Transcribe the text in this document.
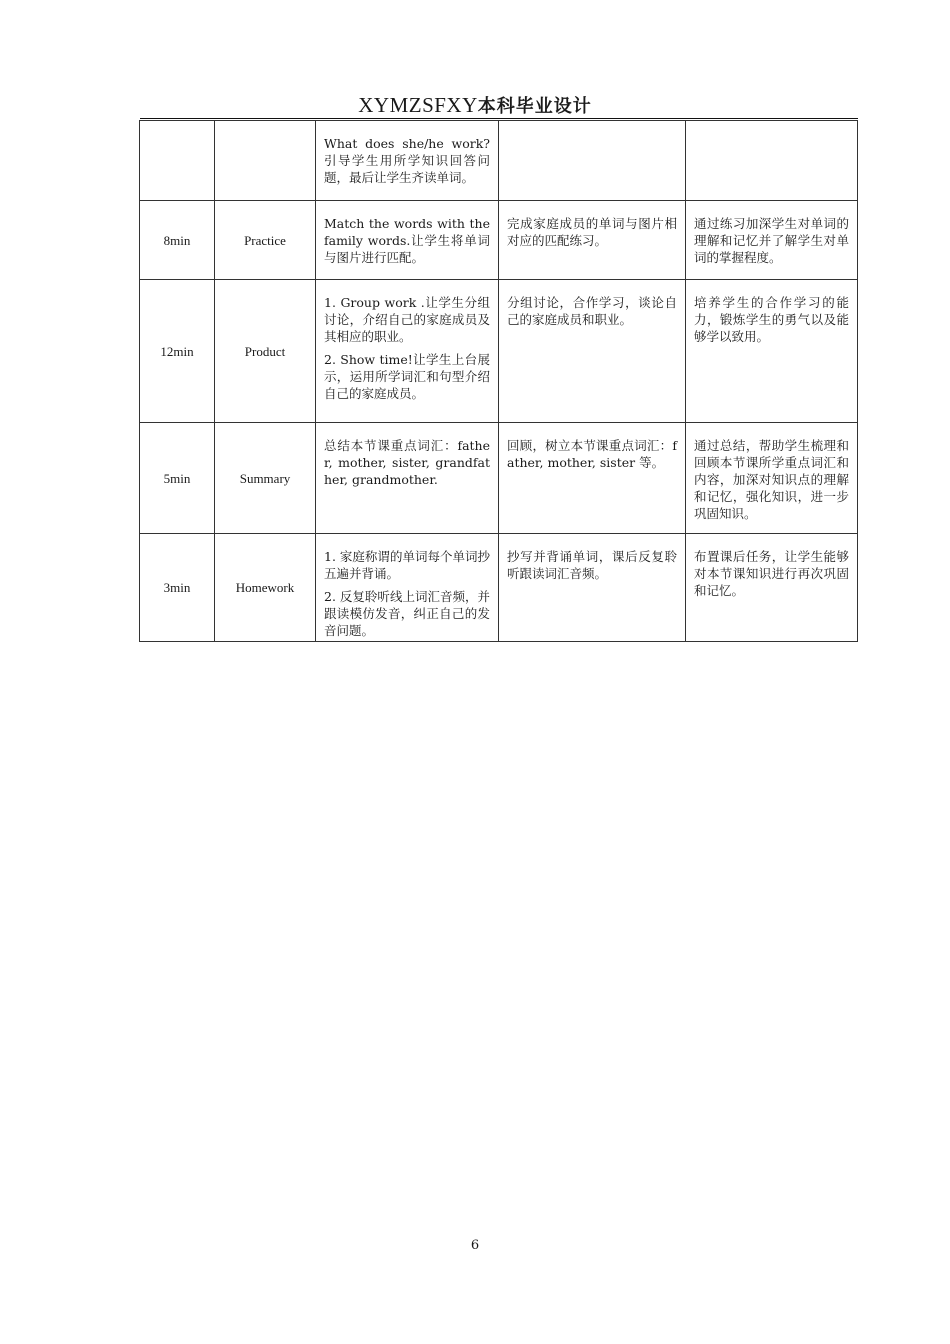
XYMZSFXY本科毕业设计

		What does she/he work? 引导学生用所学知识回答问题，最后让学生齐读单词。		

8min	Practice	Match the words with the family words.让学生将单词与图片进行匹配。	完成家庭成员的单词与图片相对应的匹配练习。	通过练习加深学生对单词的理解和记忆并了解学生对单词的掌握程度。
12min	Product	1. Group work .让学生分组讨论，介绍自己的家庭成员及其相应的职业。
2. Show time!让学生上台展示，运用所学词汇和句型介绍自己的家庭成员。	分组讨论，合作学习，谈论自己的家庭成员和职业。	培养学生的合作学习的能力，锻炼学生的勇气以及能够学以致用。
5min	Summary	总结本节课重点词汇：father, mother, sister, grandfather, grandmother.	回顾，树立本节课重点词汇：father, mother, sister 等。	通过总结，帮助学生梳理和回顾本节课所学重点词汇和内容，加深对知识点的理解和记忆，强化知识，进一步巩固知识。
3min	Homework	1. 家庭称谓的单词每个单词抄五遍并背诵。
2. 反复聆听线上词汇音频，并跟读模仿发音，纠正自己的发音问题。	抄写并背诵单词，课后反复聆听跟读词汇音频。	布置课后任务，让学生能够对本节课知识进行再次巩固和记忆。
6
